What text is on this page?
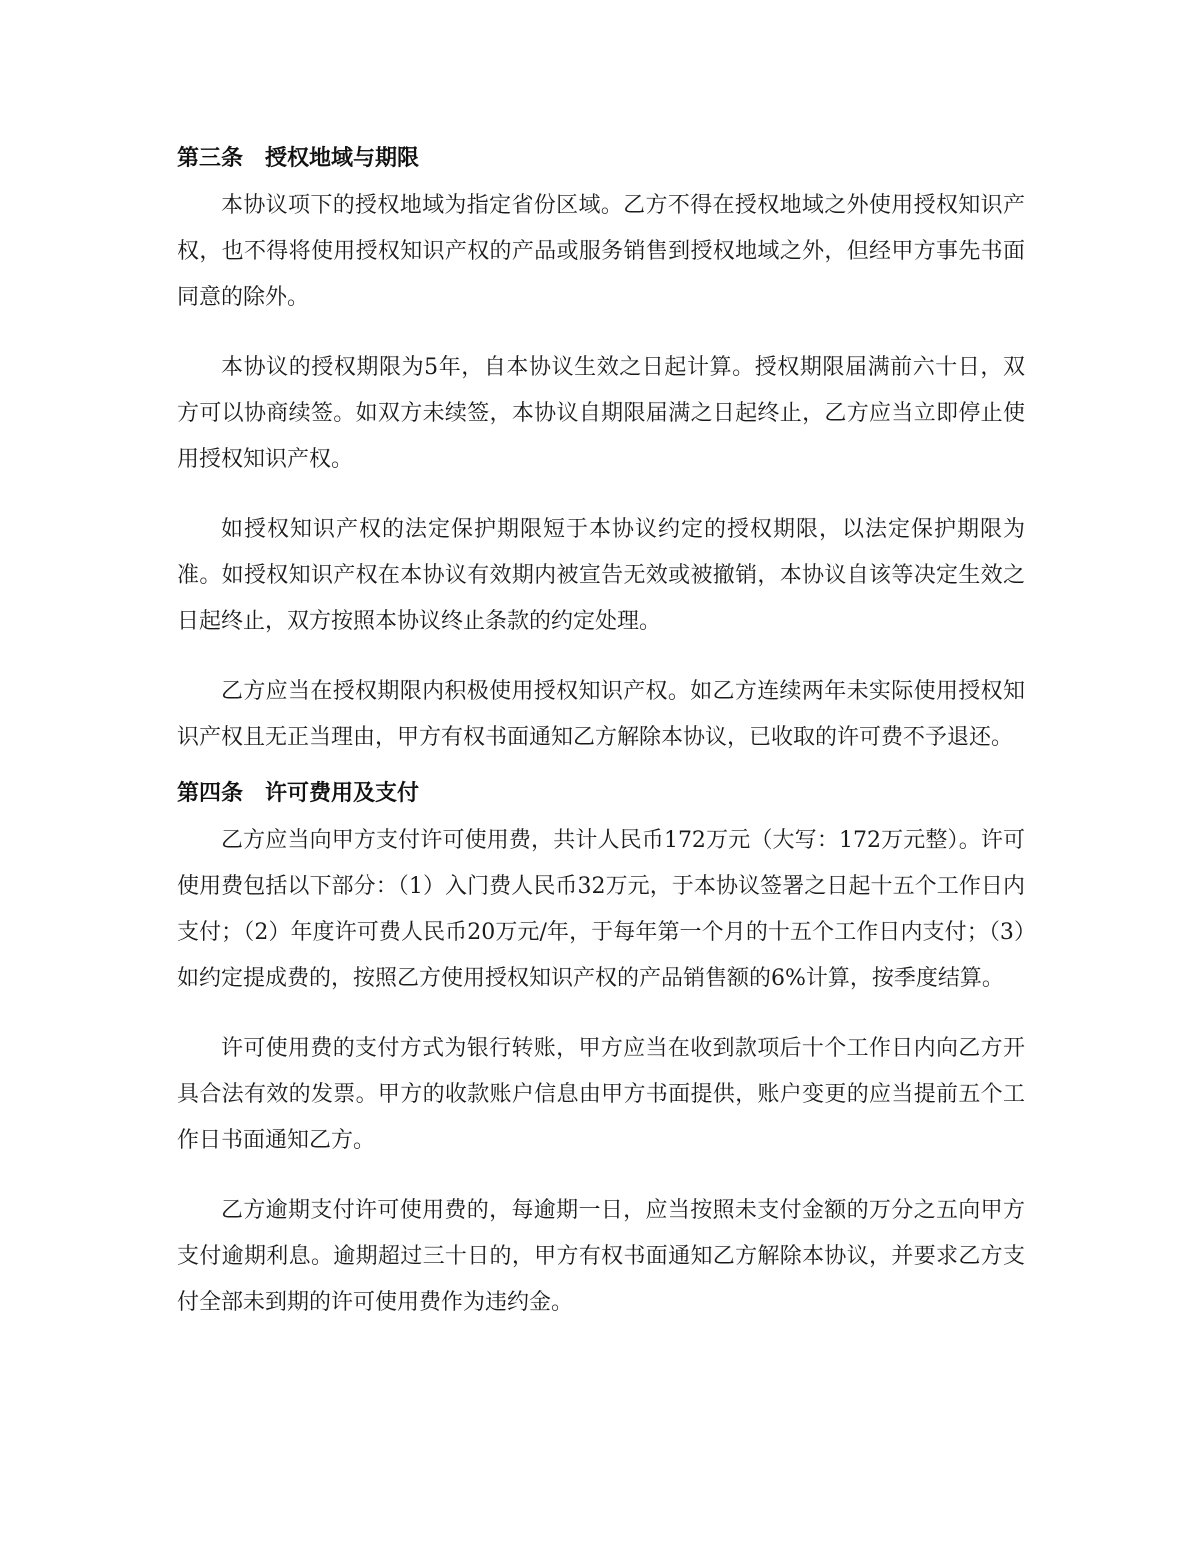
第三条　授权地域与期限

本协议项下的授权地域为指定省份区域。乙方不得在授权地域之外使用授权知识产权，也不得将使用授权知识产权的产品或服务销售到授权地域之外，但经甲方事先书面同意的除外。

本协议的授权期限为5年，自本协议生效之日起计算。授权期限届满前六十日，双方可以协商续签。如双方未续签，本协议自期限届满之日起终止，乙方应当立即停止使用授权知识产权。

如授权知识产权的法定保护期限短于本协议约定的授权期限，以法定保护期限为准。如授权知识产权在本协议有效期内被宣告无效或被撤销，本协议自该等决定生效之日起终止，双方按照本协议终止条款的约定处理。

乙方应当在授权期限内积极使用授权知识产权。如乙方连续两年未实际使用授权知识产权且无正当理由，甲方有权书面通知乙方解除本协议，已收取的许可费不予退还。

第四条　许可费用及支付

乙方应当向甲方支付许可使用费，共计人民币172万元（大写：172万元整）。许可使用费包括以下部分：（1）入门费人民币32万元，于本协议签署之日起十五个工作日内支付；（2）年度许可费人民币20万元/年，于每年第一个月的十五个工作日内支付；（3）如约定提成费的，按照乙方使用授权知识产权的产品销售额的6%计算，按季度结算。

许可使用费的支付方式为银行转账，甲方应当在收到款项后十个工作日内向乙方开具合法有效的发票。甲方的收款账户信息由甲方书面提供，账户变更的应当提前五个工作日书面通知乙方。

乙方逾期支付许可使用费的，每逾期一日，应当按照未支付金额的万分之五向甲方支付逾期利息。逾期超过三十日的，甲方有权书面通知乙方解除本协议，并要求乙方支付全部未到期的许可使用费作为违约金。
